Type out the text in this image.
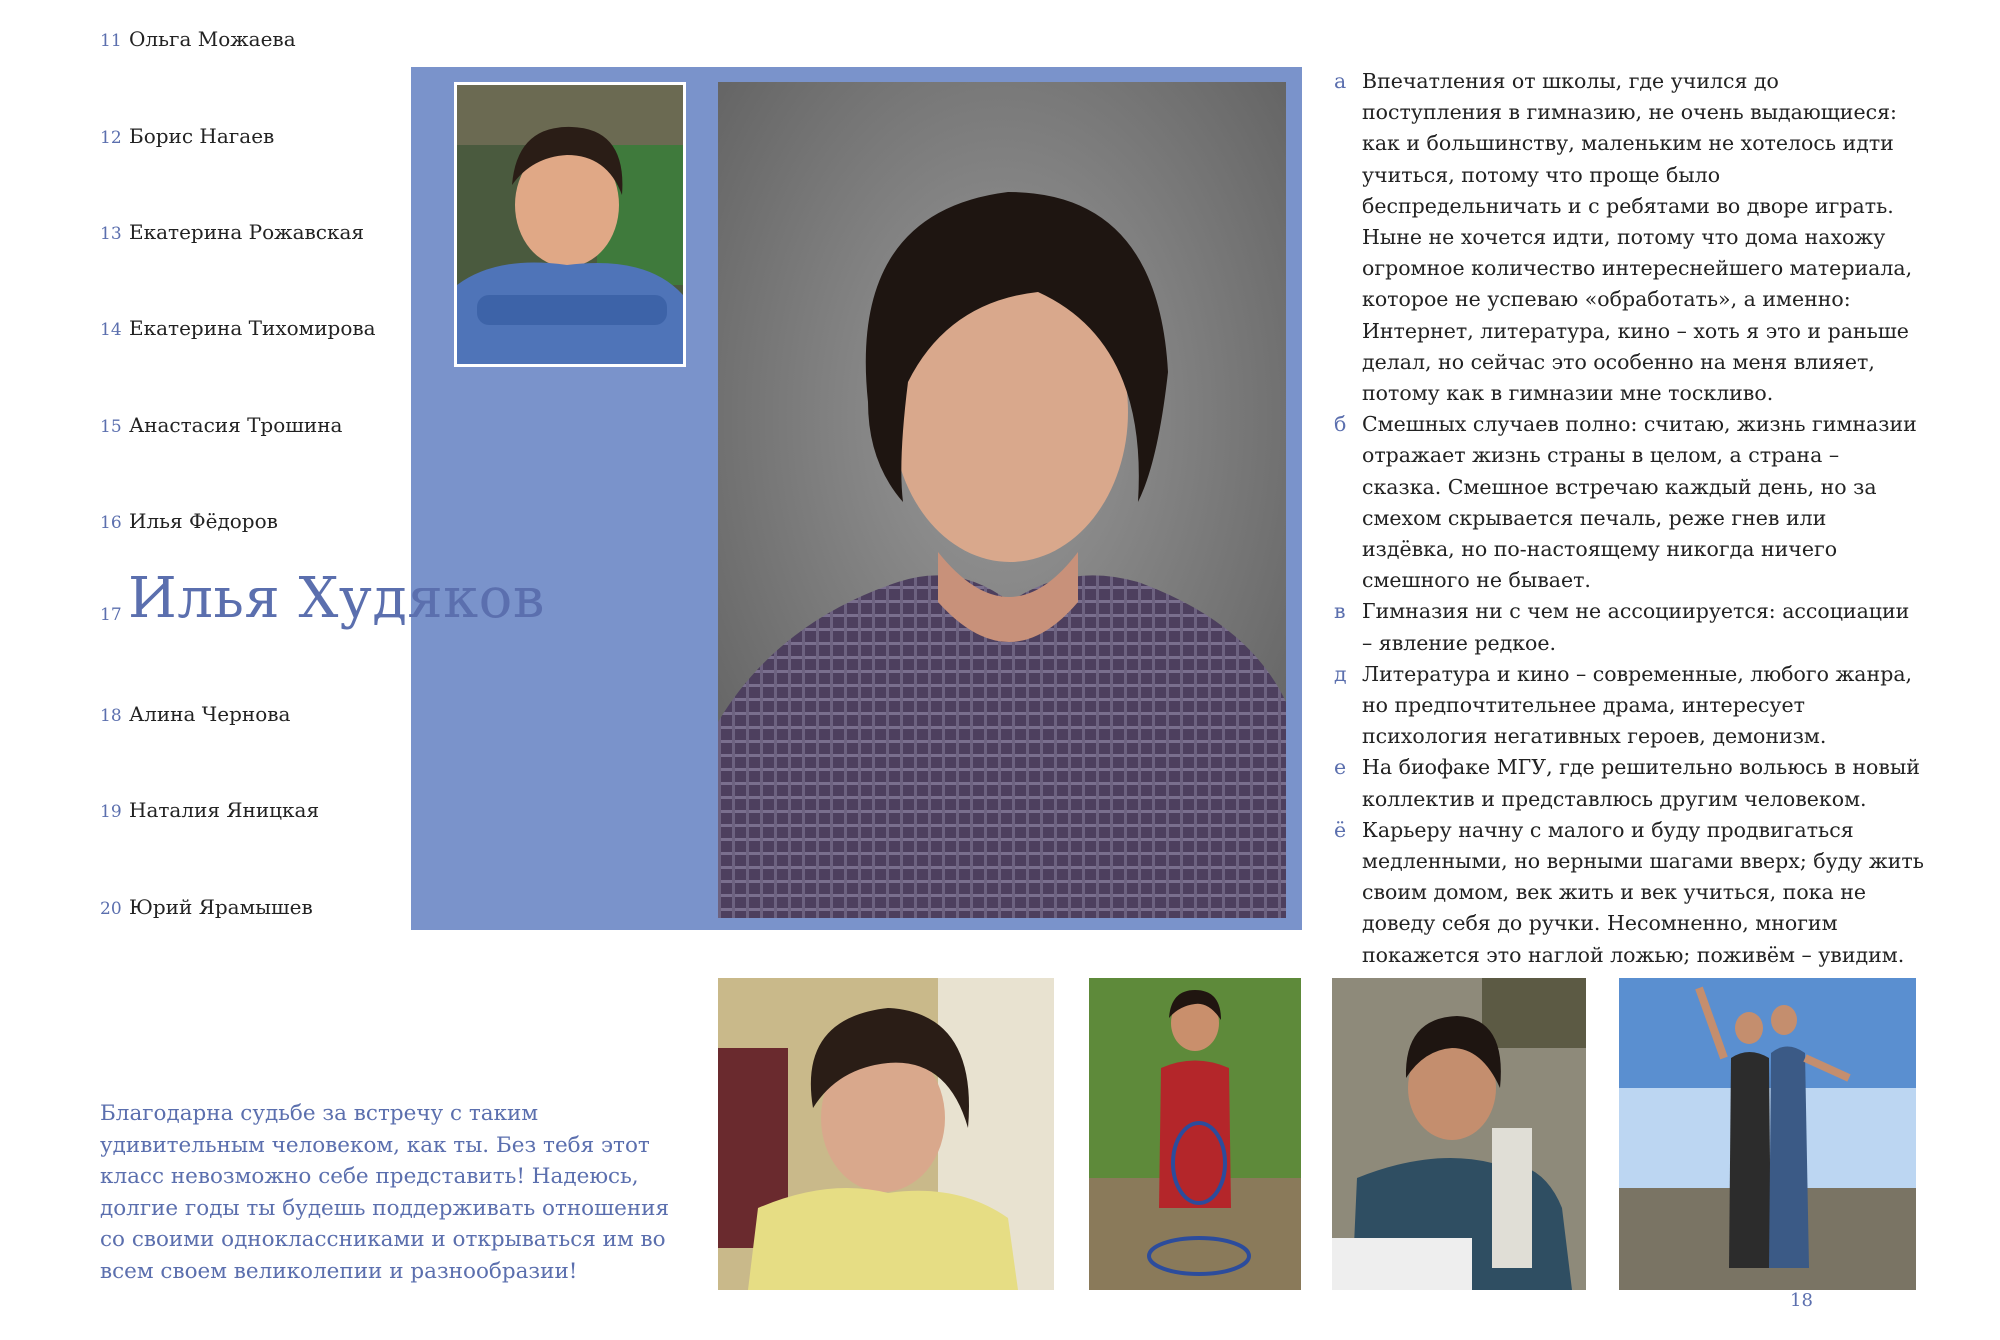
11 Ольга Можаева
12 Борис Нагаев
13 Екатерина Рожавская
14 Екатерина Тихомирова
15 Анастасия Трошина
16 Илья Фёдоров
18 Алина Чернова
19 Наталия Яницкая
20 Юрий Ярамышев
17 Илья Худяков
а Впечатления от школы, где учился до поступления в гимназию, не очень выдающиеся: как и большинству, маленьким не хотелось идти учиться, потому что проще было беспредельничать и с ребятами во дворе играть. Ныне не хочется идти, потому что дома нахожу огромное количество интереснейшего материала, которое не успеваю «обработать», а именно: Интернет, литература, кино – хоть я это и раньше делал, но сейчас это особенно на меня влияет, потому как в гимназии мне тоскливо.
б Смешных случаев полно: считаю, жизнь гимназии отражает жизнь страны в целом, а страна – сказка. Смешное встречаю каждый день, но за смехом скрывается печаль, реже гнев или издёвка, но по-настоящему никогда ничего смешного не бывает.
в Гимназия ни с чем не ассоциируется: ассоциации – явление редкое.
д Литература и кино – современные, любого жанра, но предпочтительнее драма, интересует психология негативных героев, демонизм.
е На биофаке МГУ, где решительно вольюсь в новый коллектив и представлюсь другим человеком.
ё Карьеру начну с малого и буду продвигаться медленными, но верными шагами вверх; буду жить своим домом, век жить и век учиться, пока не доведу себя до ручки. Несомненно, многим покажется это наглой ложью; поживём – увидим.
Благодарна судьбе за встречу с таким удивительным человеком, как ты. Без тебя этот класс невозможно себе представить! Надеюсь, долгие годы ты будешь поддерживать отношения со своими одноклассниками и открываться им во всем своем великолепии и разнообразии!
18
